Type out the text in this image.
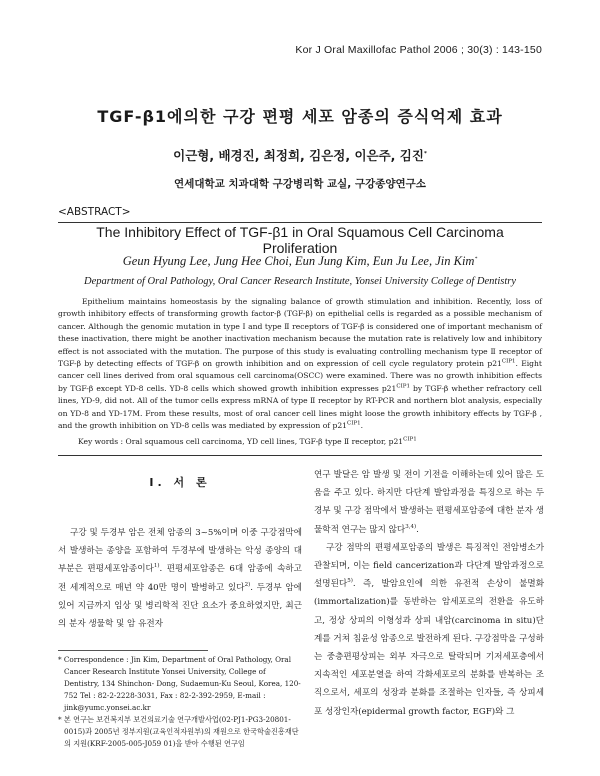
Kor J Oral Maxillofac Pathol 2006 ; 30(3) : 143-150
TGF-β1에의한 구강 편평 세포 암종의 증식억제 효과
이근형, 배경진, 최정희, 김은정, 이은주, 김진*
연세대학교 치과대학 구강병리학 교실, 구강종양연구소
<ABSTRACT>
The Inhibitory Effect of TGF-β1 in Oral Squamous Cell Carcinoma Proliferation
Geun Hyung Lee, Jung Hee Choi, Eun Jung Kim, Eun Ju Lee, Jin Kim*
Department of Oral Pathology, Oral Cancer Research Institute, Yonsei University College of Dentistry
Epithelium maintains homeostasis by the signaling balance of growth stimulation and inhibition. Recently, loss of growth inhibitory effects of transforming growth factor-β (TGF-β) on epithelial cells is regarded as a possible mechanism of cancer. Although the genomic mutation in type I and type Ⅱ receptors of TGF-β is considered one of important mechanism of these inactivation, there might be another inactivation mechanism because the mutation rate is relatively low and inhibitory effect is not associated with the mutation. The purpose of this study is evaluating controlling mechanism type Ⅱ receptor of TGF-β by detecting effects of TGF-β on growth inhibition and on expression of cell cycle regulatory protein $p21^{CIP1}$. Eight cancer cell lines derived from oral squamous cell carcinoma(OSCC) were examined. There was no growth inhibition effects by TGF-β except YD-8 cells. YD-8 cells which showed growth inhibition expresses $p21^{CIP1}$ by TGF-β whether refractory cell lines, YD-9, did not. All of the tumor cells express mRNA of type Ⅱ receptor by RT-PCR and northern blot analysis, especially on YD-8 and YD-17M. From these results, most of oral cancer cell lines might loose the growth inhibitory effects by TGF-β , and the growth inhibition on YD-8 cells was mediated by expression of $p21^{CIP1}$.
Key words : Oral squamous cell carcinoma, YD cell lines, TGF-β type Ⅱ receptor, $p21^{CIP1}$
Ⅰ. 서 론

구강 및 두경부 암은 전체 암종의 3~5%이며 이중 구강점막에서 발생하는 종양을 포함하여 두경부에 발생하는 악성 종양의 대부분은 편평세포암종이다$^{1)}$. 편평세포암종은 6대 암종에 속하고 전 세계적으로 매년 약 40만 명이 발병하고 있다$^{2)}$. 두경부 암에 있어 지금까지 임상 및 병리학적 진단 요소가 중요하였지만, 최근의 분자 생물학 및 암 유전자

* Correspondence : Jin Kim, Department of Oral Pathology, Oral Cancer Research Institute Yonsei University, College of Dentistry, 134 Shinchon- Dong, Sudaemun-Ku Seoul, Korea, 120-752 Tel : 82-2-2228-3031, Fax : 82-2-392-2959, E-mail : jink@yumc.yonsei.ac.kr

* 본 연구는 보건복지부 보건의료기술 연구개발사업(02-PJ1-PG3-20801-0015)과 2005년 정부지원(교육인적자원부)의 재원으로 한국학술진흥재단의 지원(KRF-2005-005-J059 01)을 받아 수행된 연구임

연구 발달은 암 발생 및 전이 기전을 이해하는데 있어 많은 도움을 주고 있다. 하지만 다단계 발암과정을 특징으로 하는 두경부 및 구강 점막에서 발생하는 편평세포암종에 대한 분자 생물학적 연구는 많지 않다$^{3,4)}$.

구강 점막의 편평세포암종의 발생은 특징적인 전암병소가 관찰되며, 이는 field cancerization과 다단계 발암과정으로 설명된다$^{5)}$. 즉, 발암요인에 의한 유전적 손상이 불멸화(immortalization)를 동반하는 암세포로의 전환을 유도하고, 정상 상피의 이형성과 상피 내암(carcinoma in situ)단계를 거쳐 침윤성 암종으로 발전하게 된다. 구강점막을 구성하는 중층편평상피는 외부 자극으로 탈락되며 기저세포층에서 지속적인 세포분열을 하여 각화세포로의 분화를 반복하는 조직으로서, 세포의 성장과 분화를 조절하는 인자들, 즉 상피세포 성장인자(epidermal growth factor, EGF)와 그
